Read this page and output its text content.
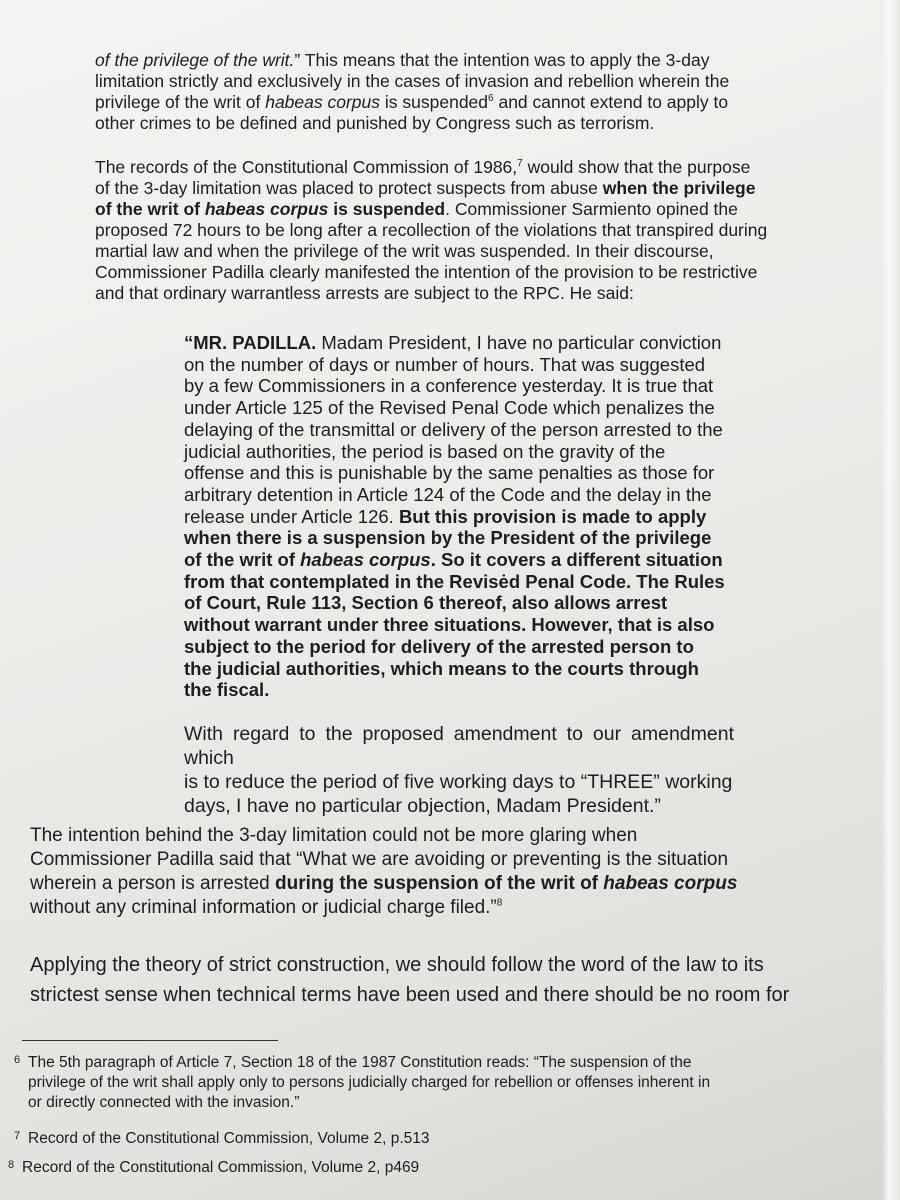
of the privilege of the writ.” This means that the intention was to apply the 3-day
limitation strictly and exclusively in the cases of invasion and rebellion wherein the
privilege of the writ of habeas corpus is suspended$^6$ and cannot extend to apply to
other crimes to be defined and punished by Congress such as terrorism.
The records of the Constitutional Commission of 1986,$^7$ would show that the purpose
of the 3-day limitation was placed to protect suspects from abuse when the privilege
of the writ of habeas corpus is suspended. Commissioner Sarmiento opined the
proposed 72 hours to be long after a recollection of the violations that transpired during
martial law and when the privilege of the writ was suspended. In their discourse,
Commissioner Padilla clearly manifested the intention of the provision to be restrictive
and that ordinary warrantless arrests are subject to the RPC. He said:
“MR. PADILLA. Madam President, I have no particular conviction
on the number of days or number of hours. That was suggested
by a few Commissioners in a conference yesterday. It is true that
under Article 125 of the Revised Penal Code which penalizes the
delaying of the transmittal or delivery of the person arrested to the
judicial authorities, the period is based on the gravity of the
offense and this is punishable by the same penalties as those for
arbitrary detention in Article 124 of the Code and the delay in the
release under Article 126. But this provision is made to apply
when there is a suspension by the President of the privilege
of the writ of habeas corpus. So it covers a different situation
from that contemplated in the Revisėd Penal Code. The Rules
of Court, Rule 113, Section 6 thereof, also allows arrest
without warrant under three situations. However, that is also
subject to the period for delivery of the arrested person to
the judicial authorities, which means to the courts through
the fiscal.
With regard to the proposed amendment to our amendment which
is to reduce the period of five working days to “THREE” working
days, I have no particular objection, Madam President.”
The intention behind the 3-day limitation could not be more glaring when
Commissioner Padilla said that “What we are avoiding or preventing is the situation
wherein a person is arrested during the suspension of the writ of habeas corpus
without any criminal information or judicial charge filed.”$^8$
Applying the theory of strict construction, we should follow the word of the law to its
strictest sense when technical terms have been used and there should be no room for
6 The 5th paragraph of Article 7, Section 18 of the 1987 Constitution reads: “The suspension of the
privilege of the writ shall apply only to persons judicially charged for rebellion or offenses inherent in
or directly connected with the invasion.”
7 Record of the Constitutional Commission, Volume 2, p.513
8 Record of the Constitutional Commission, Volume 2, p469
